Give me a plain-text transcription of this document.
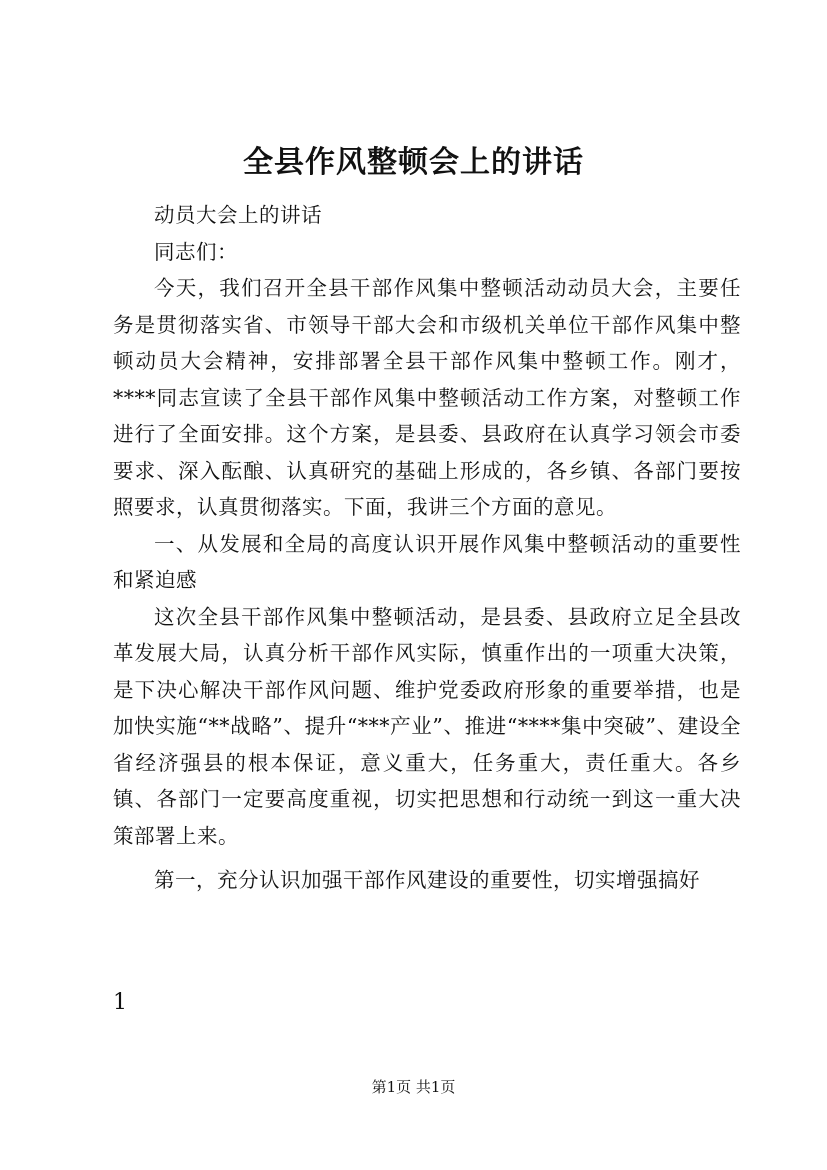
全县作风整顿会上的讲话

动员大会上的讲话

同志们：

今天，我们召开全县干部作风集中整顿活动动员大会，主要任务是贯彻落实省、市领导干部大会和市级机关单位干部作风集中整顿动员大会精神，安排部署全县干部作风集中整顿工作。刚才，****同志宣读了全县干部作风集中整顿活动工作方案，对整顿工作进行了全面安排。这个方案，是县委、县政府在认真学习领会市委要求、深入酝酿、认真研究的基础上形成的，各乡镇、各部门要按照要求，认真贯彻落实。下面，我讲三个方面的意见。

一、从发展和全局的高度认识开展作风集中整顿活动的重要性和紧迫感

这次全县干部作风集中整顿活动，是县委、县政府立足全县改革发展大局，认真分析干部作风实际，慎重作出的一项重大决策，是下决心解决干部作风问题、维护党委政府形象的重要举措，也是加快实施“**战略”、提升“***产业”、推进“****集中突破”、建设全省经济强县的根本保证，意义重大，任务重大，责任重大。各乡镇、各部门一定要高度重视，切实把思想和行动统一到这一重大决策部署上来。

第一，充分认识加强干部作风建设的重要性，切实增强搞好

1
第1页 共1页
